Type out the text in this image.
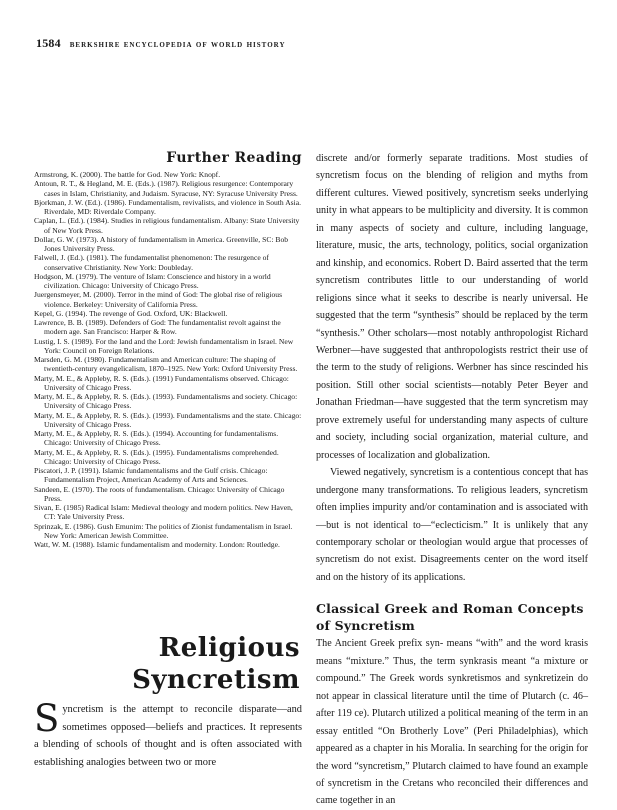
1584 berkshire encyclopedia of world history
Further Reading
Armstrong, K. (2000). The battle for God. New York: Knopf.
Antoun, R. T., & Hegland, M. E. (Eds.). (1987). Religious resurgence: Contemporary cases in Islam, Christianity, and Judaism. Syracuse, NY: Syracuse University Press.
Bjorkman, J. W. (Ed.). (1986). Fundamentalism, revivalists, and violence in South Asia. Riverdale, MD: Riverdale Company.
Caplan, L. (Ed.). (1984). Studies in religious fundamentalism. Albany: State University of New York Press.
Dollar, G. W. (1973). A history of fundamentalism in America. Greenville, SC: Bob Jones University Press.
Falwell, J. (Ed.). (1981). The fundamentalist phenomenon: The resurgence of conservative Christianity. New York: Doubleday.
Hodgson, M. (1979). The venture of Islam: Conscience and history in a world civilization. Chicago: University of Chicago Press.
Juergensmeyer, M. (2000). Terror in the mind of God: The global rise of religious violence. Berkeley: University of California Press.
Kepel, G. (1994). The revenge of God. Oxford, UK: Blackwell.
Lawrence, B. B. (1989). Defenders of God: The fundamentalist revolt against the modern age. San Francisco: Harper & Row.
Lustig, I. S. (1989). For the land and the Lord: Jewish fundamentalism in Israel. New York: Council on Foreign Relations.
Marsden, G. M. (1980). Fundamentalism and American culture: The shaping of twentieth-century evangelicalism, 1870–1925. New York: Oxford University Press.
Marty, M. E., & Appleby, R. S. (Eds.). (1991) Fundamentalisms observed. Chicago: University of Chicago Press.
Marty, M. E., & Appleby, R. S. (Eds.). (1993). Fundamentalisms and society. Chicago: University of Chicago Press.
Marty, M. E., & Appleby, R. S. (Eds.). (1993). Fundamentalisms and the state. Chicago: University of Chicago Press.
Marty, M. E., & Appleby, R. S. (Eds.). (1994). Accounting for fundamentalisms. Chicago: University of Chicago Press.
Marty, M. E., & Appleby, R. S. (Eds.). (1995). Fundamentalisms comprehended. Chicago: University of Chicago Press.
Piscatori, J. P. (1991). Islamic fundamentalisms and the Gulf crisis. Chicago: Fundamentalism Project, American Academy of Arts and Sciences.
Sandeen, E. (1970). The roots of fundamentalism. Chicago: University of Chicago Press.
Sivan, E. (1985) Radical Islam: Medieval theology and modern politics. New Haven, CT: Yale University Press.
Sprinzak, E. (1986). Gush Emunim: The politics of Zionist fundamentalism in Israel. New York: American Jewish Committee.
Watt, W. M. (1988). Islamic fundamentalism and modernity. London: Routledge.
Religious
Syncretism

Syncretism is the attempt to reconcile disparate—and sometimes opposed—beliefs and practices. It represents a blending of schools of thought and is often associated with establishing analogies between two or more

discrete and/or formerly separate traditions. Most studies of syncretism focus on the blending of religion and myths from different cultures. Viewed positively, syncretism seeks underlying unity in what appears to be multiplicity and diversity. It is common in many aspects of society and culture, including language, literature, music, the arts, technology, politics, social organization and kinship, and economics. Robert D. Baird asserted that the term syncretism contributes little to our understanding of world religions since what it seeks to describe is nearly universal. He suggested that the term “synthesis” should be replaced by the term “synthesis.” Other scholars—most notably anthropologist Richard Werbner—have suggested that anthropologists restrict their use of the term to the study of religions. Werbner has since rescinded his position. Still other social scientists—notably Peter Beyer and Jonathan Friedman—have suggested that the term syncretism may prove extremely useful for understanding many aspects of culture and society, including social organization, material culture, and processes of localization and globalization.

Viewed negatively, syncretism is a contentious concept that has undergone many transformations. To religious leaders, syncretism often implies impurity and/or contamination and is associated with—but is not identical to—“eclecticism.” It is unlikely that any contemporary scholar or theologian would argue that processes of syncretism do not exist. Disagreements center on the word itself and on the history of its applications.

Classical Greek and Roman Concepts of Syncretism

The Ancient Greek prefix syn- means “with” and the word krasis means “mixture.” Thus, the term synkrasis meant “a mixture or compound.” The Greek words synkretismos and synkretizein do not appear in classical literature until the time of Plutarch (c. 46–after 119 ce). Plutarch utilized a political meaning of the term in an essay entitled “On Brotherly Love” (Peri Philadelphias), which appeared as a chapter in his Moralia. In searching for the origin for the word “syncretism,” Plutarch claimed to have found an example of syncretism in the Cretans who reconciled their differences and came together in an
